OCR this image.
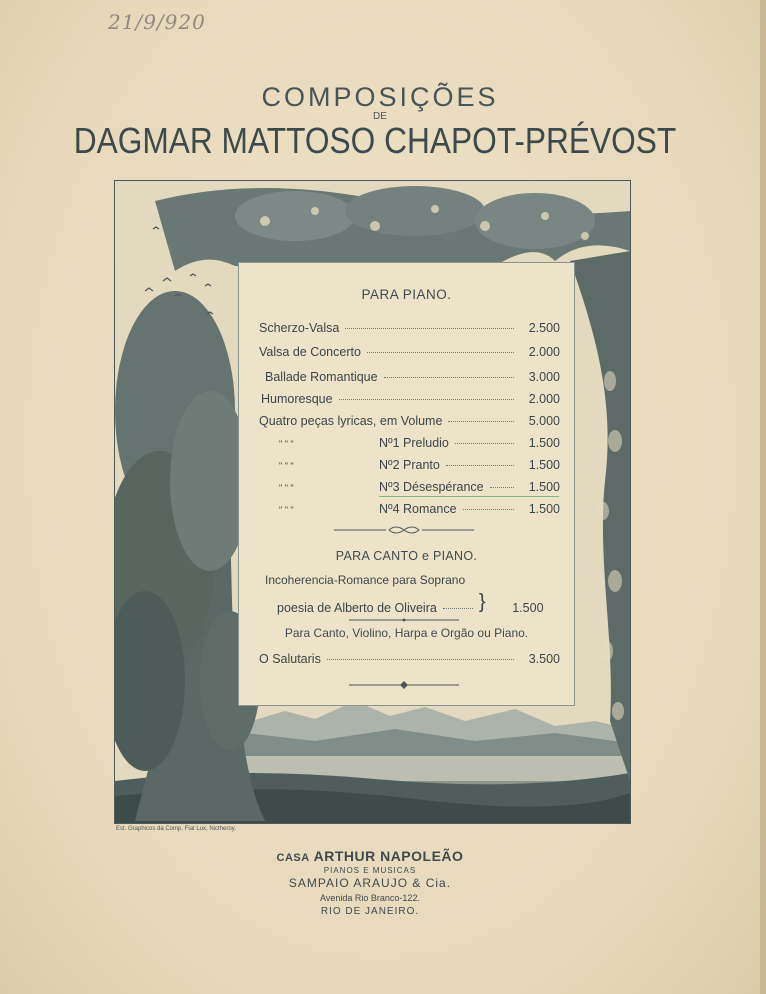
21/9/920
COMPOSIÇÕES
DE
DAGMAR MATTOSO CHAPOT-PRÉVOST
PARA PIANO.
Scherzo-Valsa	2.500
Valsa de Concerto	2.000
Ballade Romantique	3.000
Humoresque	2.000
Quatro peças lyricas, em Volume	5.000
" " "	Nº1 Preludio	1.500
" " "	Nº2 Pranto	1.500
" " "	Nº3 Désespérance	1.500
" " "	Nº4 Romance	1.500
PARA CANTO e PIANO.
Incoherencia-Romance para Soprano
poesia de Alberto de Oliveira }	1.500
Para Canto, Violino, Harpa e Orgão ou Piano.
O Salutaris	3.500
Est. Graphicos da Comp. Fiat Lux, Nictheroy.
CASA ARTHUR NAPOLEÃO
PIANOS E MUSICAS
SAMPAIO ARAUJO & Cia.
Avenida Rio Branco-122.
RIO DE JANEIRO.
